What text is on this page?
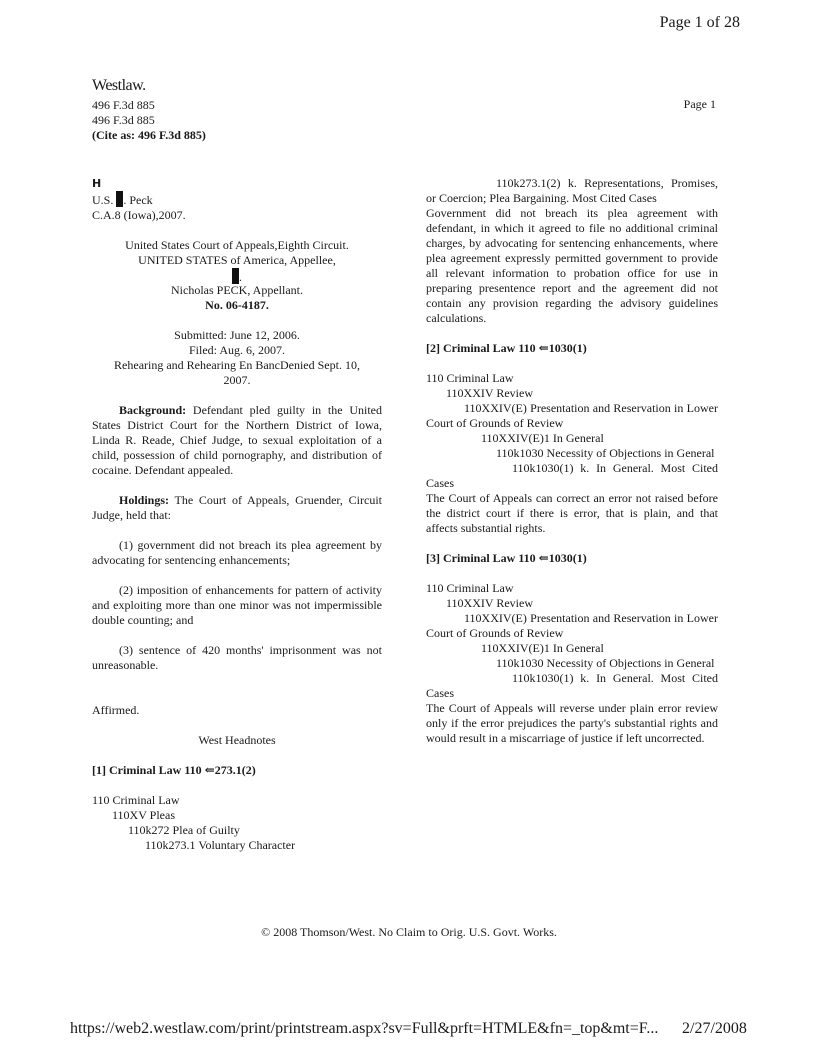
Page 1 of 28
Westlaw.
496 F.3d 885
496 F.3d 885
(Cite as: 496 F.3d 885)
Page 1
H
U.S. . Peck
C.A.8 (Iowa),2007.
United States Court of Appeals,Eighth Circuit.
UNITED STATES of America, Appellee,
.
Nicholas PECK, Appellant.
No. 06-4187.
Submitted: June 12, 2006.
Filed: Aug. 6, 2007.
Rehearing and Rehearing En BancDenied Sept. 10,
2007.

Background: Defendant pled guilty in the United States District Court for the Northern District of Iowa, Linda R. Reade, Chief Judge, to sexual exploitation of a child, possession of child pornography, and distribution of cocaine. Defendant appealed.

Holdings: The Court of Appeals, Gruender, Circuit Judge, held that:

(1) government did not breach its plea agreement by advocating for sentencing enhancements;

(2) imposition of enhancements for pattern of activity and exploiting more than one minor was not impermissible double counting; and

(3) sentence of 420 months' imprisonment was not unreasonable.

Affirmed.
West Headnotes
[1] Criminal Law 110 ⇐273.1(2)
110 Criminal Law
110XV Pleas
110k272 Plea of Guilty
110k273.1 Voluntary Character
110k273.1(2) k. Representations, Promises, or Coercion; Plea Bargaining. Most Cited Cases

Government did not breach its plea agreement with defendant, in which it agreed to file no additional criminal charges, by advocating for sentencing enhancements, where plea agreement expressly permitted government to provide all relevant information to probation office for use in preparing presentence report and the agreement did not contain any provision regarding the advisory guidelines calculations.

[2] Criminal Law 110 ⇐1030(1)
110 Criminal Law
110XXIV Review
110XXIV(E) Presentation and Reservation in Lower Court of Grounds of Review
110XXIV(E)1 In General
110k1030 Necessity of Objections in General
110k1030(1) k. In General. Most Cited Cases

The Court of Appeals can correct an error not raised before the district court if there is error, that is plain, and that affects substantial rights.

[3] Criminal Law 110 ⇐1030(1)
110 Criminal Law
110XXIV Review
110XXIV(E) Presentation and Reservation in Lower Court of Grounds of Review
110XXIV(E)1 In General
110k1030 Necessity of Objections in General
110k1030(1) k. In General. Most Cited Cases

The Court of Appeals will reverse under plain error review only if the error prejudices the party's substantial rights and would result in a miscarriage of justice if left uncorrected.

© 2008 Thomson/West. No Claim to Orig. U.S. Govt. Works.
https://web2.westlaw.com/print/printstream.aspx?sv=Full&prft=HTMLE&fn=_top&mt=F... 2/27/2008
